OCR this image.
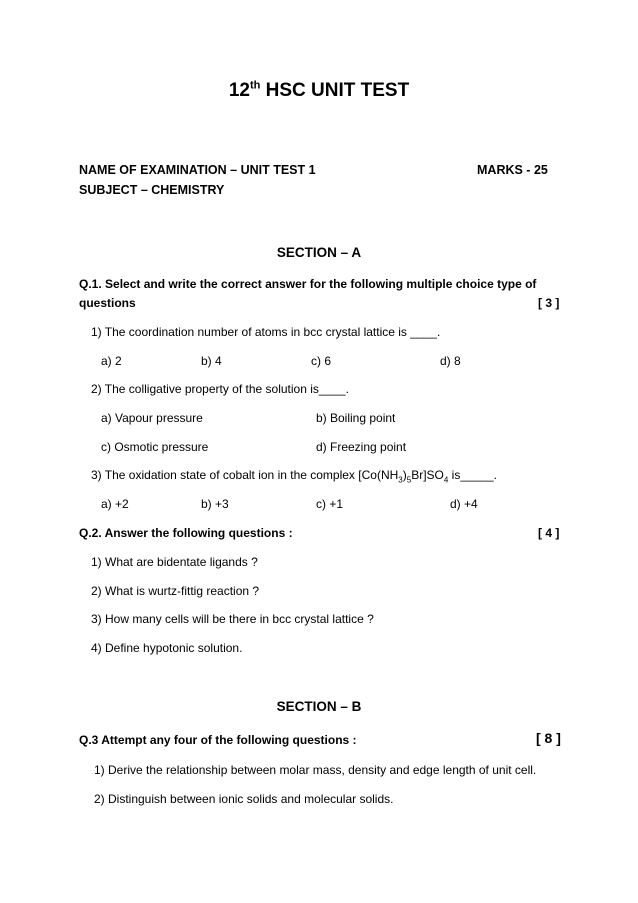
12th HSC UNIT TEST
NAME OF EXAMINATION – UNIT TEST 1	MARKS - 25
SUBJECT – CHEMISTRY
SECTION – A
Q.1. Select and write the correct answer for the following multiple choice type of
questions	[ 3 ]
1) The coordination number of atoms in bcc crystal lattice is ____.
a) 2	b) 4	c) 6	d) 8
2) The colligative property of the solution is____.
a) Vapour pressure	b) Boiling point
c) Osmotic pressure	d) Freezing point
3) The oxidation state of cobalt ion in the complex $[Co(NH_3)_5Br]SO_4$ is_____.
a) +2	b) +3	c) +1	d) +4
Q.2. Answer the following questions :	[ 4 ]
1) What are bidentate ligands ?
2) What is wurtz-fittig reaction ?
3) How many cells will be there in bcc crystal lattice ?
4) Define hypotonic solution.
SECTION – B
Q.3 Attempt any four of the following questions :	[ 8 ]
1) Derive the relationship between molar mass, density and edge length of unit cell.
2) Distinguish between ionic solids and molecular solids.
